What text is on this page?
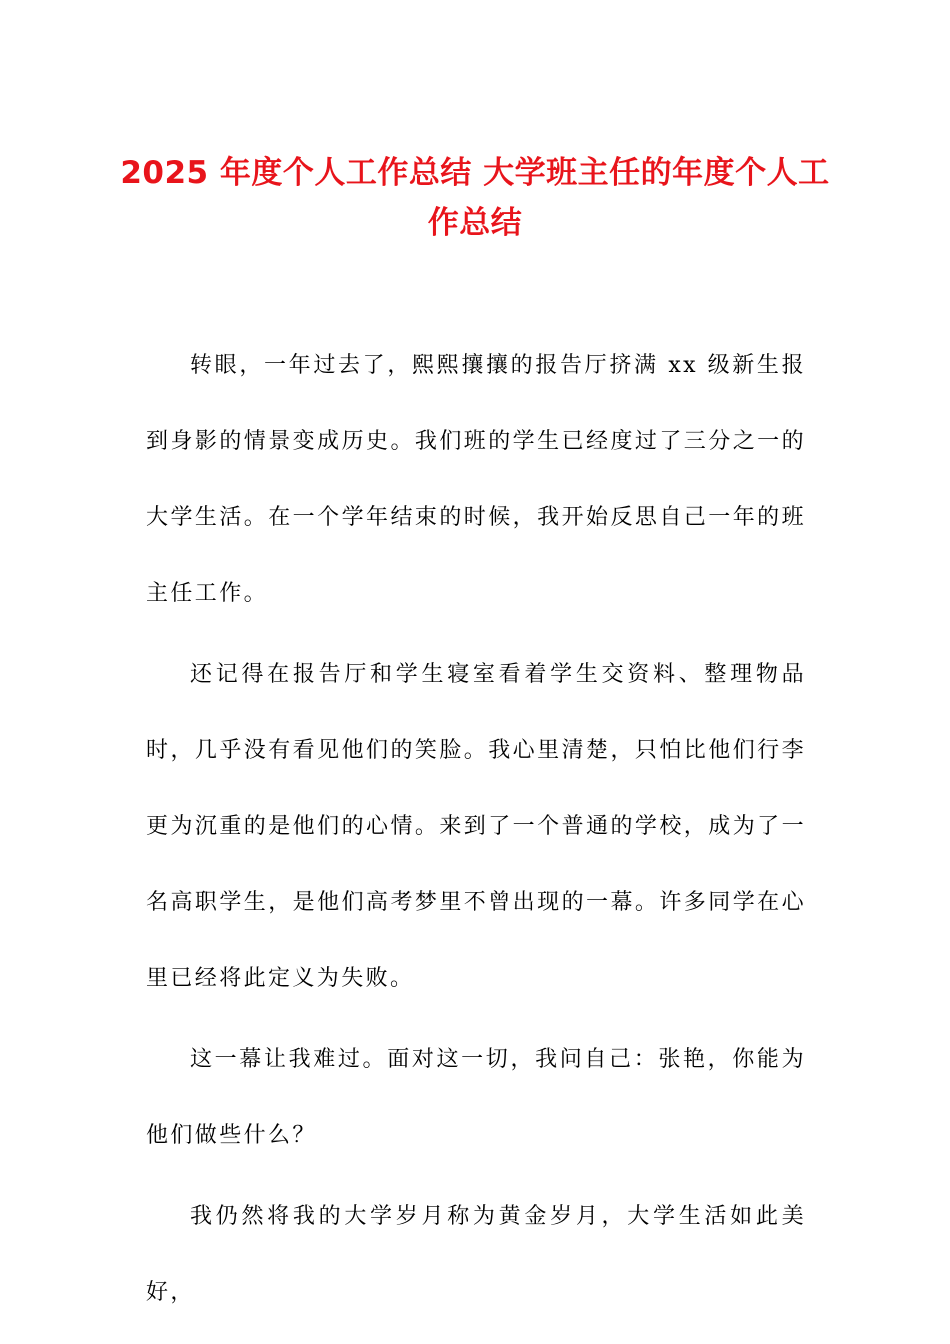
2025 年度个人工作总结 大学班主任的年度个人工作总结

转眼，一年过去了，熙熙攘攘的报告厅挤满 xx 级新生报到身影的情景变成历史。我们班的学生已经度过了三分之一的大学生活。在一个学年结束的时候，我开始反思自己一年的班主任工作。

还记得在报告厅和学生寝室看着学生交资料、整理物品时，几乎没有看见他们的笑脸。我心里清楚，只怕比他们行李更为沉重的是他们的心情。来到了一个普通的学校，成为了一名高职学生，是他们高考梦里不曾出现的一幕。许多同学在心里已经将此定义为失败。

这一幕让我难过。面对这一切，我问自己：张艳，你能为他们做些什么？

我仍然将我的大学岁月称为黄金岁月，大学生活如此美好，
